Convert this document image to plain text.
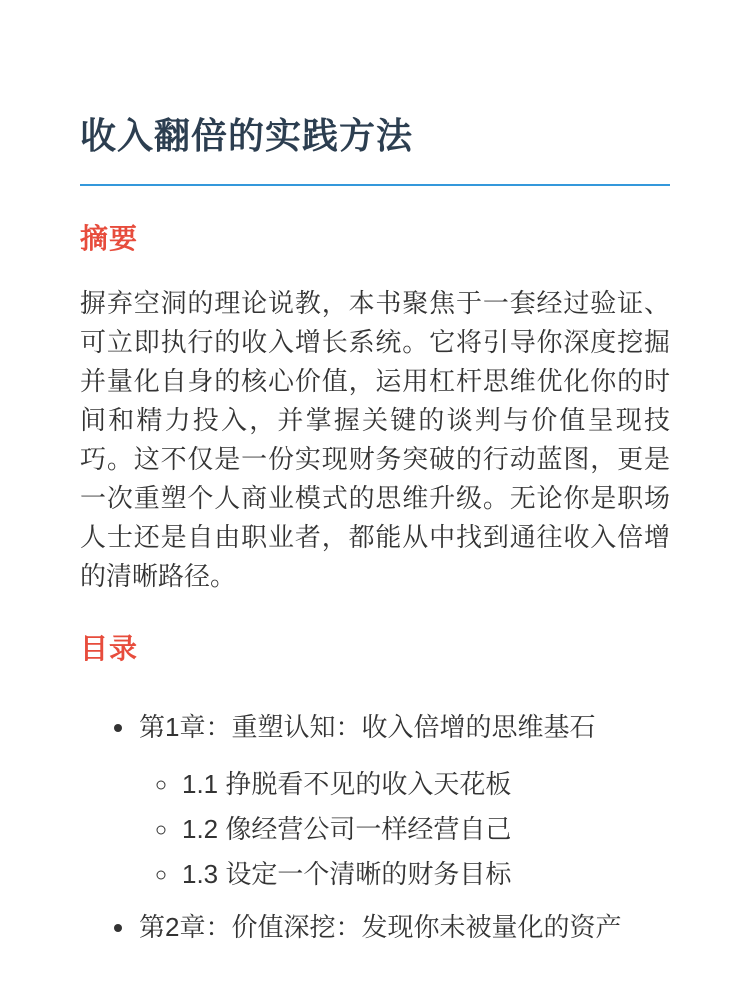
收入翻倍的实践方法
摘要

摒弃空洞的理论说教，本书聚焦于一套经过验证、可立即执行的收入增长系统。它将引导你深度挖掘并量化自身的核心价值，运用杠杆思维优化你的时间和精力投入，并掌握关键的谈判与价值呈现技巧。这不仅是一份实现财务突破的行动蓝图，更是一次重塑个人商业模式的思维升级。无论你是职场人士还是自由职业者，都能从中找到通往收入倍增的清晰路径。

目录
• 第1章：重塑认知：收入倍增的思维基石
◦ 1.1 挣脱看不见的收入天花板
◦ 1.2 像经营公司一样经营自己
◦ 1.3 设定一个清晰的财务目标
• 第2章：价值深挖：发现你未被量化的资产
